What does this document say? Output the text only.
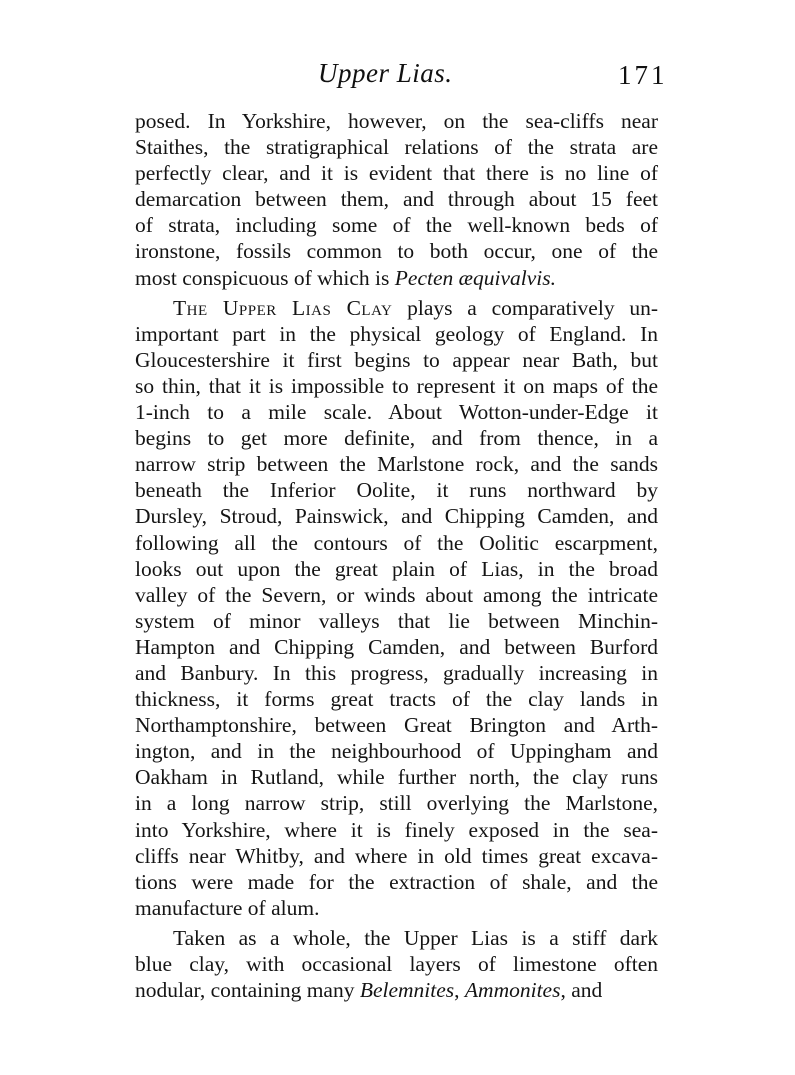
Upper Lias.	171
posed. In Yorkshire, however, on the sea-cliffs near
Staithes, the stratigraphical relations of the strata are
perfectly clear, and it is evident that there is no line of
demarcation between them, and through about 15 feet
of strata, including some of the well-known beds of
ironstone, fossils common to both occur, one of the
most conspicuous of which is Pecten æquivalvis.
The Upper Lias Clay plays a comparatively un-
important part in the physical geology of England. In
Gloucestershire it first begins to appear near Bath, but
so thin, that it is impossible to represent it on maps of the
1-inch to a mile scale. About Wotton-under-Edge it
begins to get more definite, and from thence, in a
narrow strip between the Marlstone rock, and the sands
beneath the Inferior Oolite, it runs northward by
Dursley, Stroud, Painswick, and Chipping Camden, and
following all the contours of the Oolitic escarpment,
looks out upon the great plain of Lias, in the broad
valley of the Severn, or winds about among the intricate
system of minor valleys that lie between Minchin-
Hampton and Chipping Camden, and between Burford
and Banbury. In this progress, gradually increasing in
thickness, it forms great tracts of the clay lands in
Northamptonshire, between Great Brington and Arth-
ington, and in the neighbourhood of Uppingham and
Oakham in Rutland, while further north, the clay runs
in a long narrow strip, still overlying the Marlstone,
into Yorkshire, where it is finely exposed in the sea-
cliffs near Whitby, and where in old times great excava-
tions were made for the extraction of shale, and the
manufacture of alum.
Taken as a whole, the Upper Lias is a stiff dark
blue clay, with occasional layers of limestone often
nodular, containing many Belemnites, Ammonites, and
